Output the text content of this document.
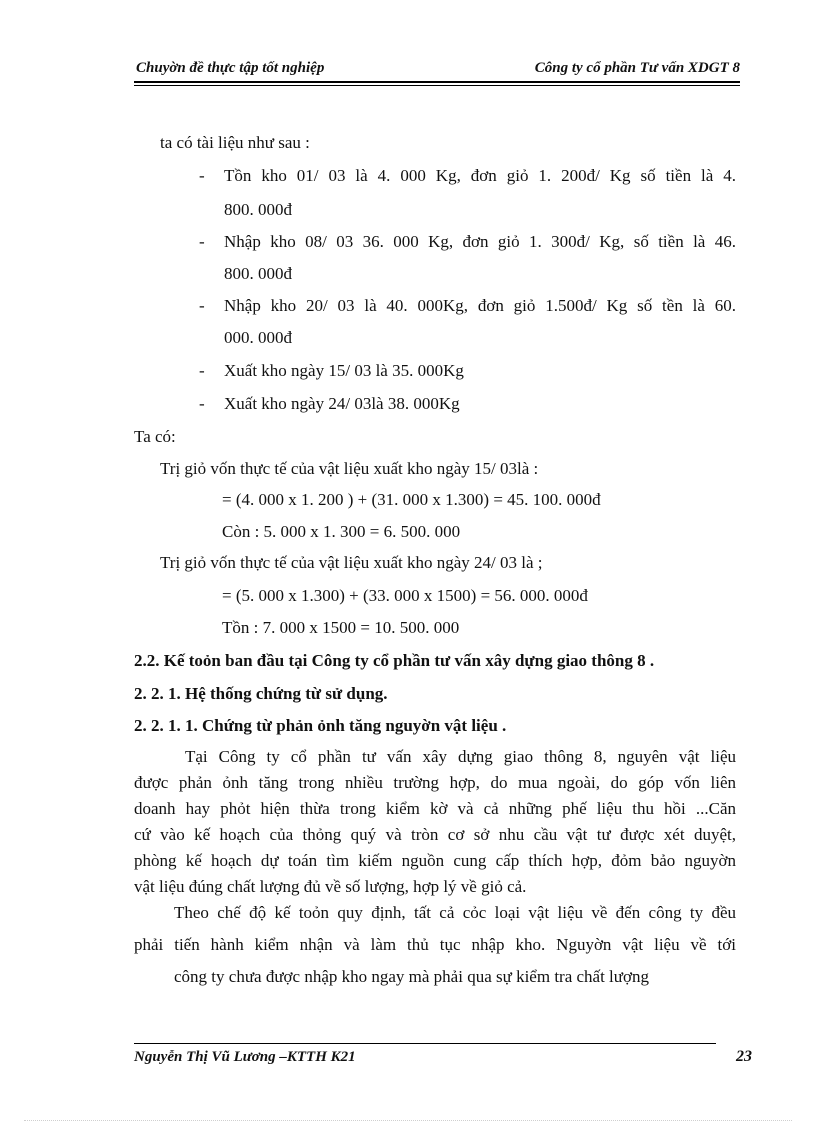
Chuyờn đề thực tập tốt nghiệp	Công ty cổ phần Tư vấn XDGT 8
ta có tài liệu như sau :
- Tồn kho 01/ 03 là 4. 000 Kg, đơn giỏ 1. 200đ/ Kg số tiền là 4.
800. 000đ
- Nhập kho 08/ 03 36. 000 Kg, đơn giỏ 1. 300đ/ Kg, số tiền là 46.
800. 000đ
- Nhập kho 20/ 03 là 40. 000Kg, đơn giỏ 1.500đ/ Kg số tền là 60.
000. 000đ
- Xuất kho ngày 15/ 03 là 35. 000Kg
- Xuất kho ngày 24/ 03là 38. 000Kg
Ta có:
Trị giỏ vốn thực tế của vật liệu xuất kho ngày 15/ 03là :
= (4. 000 x 1. 200 ) + (31. 000 x 1.300) = 45. 100. 000đ
Còn : 5. 000 x 1. 300 = 6. 500. 000
Trị giỏ vốn thực tế của vật liệu xuất kho ngày 24/ 03 là ;
= (5. 000 x 1.300) + (33. 000 x 1500) = 56. 000. 000đ
Tồn : 7. 000 x 1500 = 10. 500. 000
2.2. Kế toỏn ban đầu tại Công ty cổ phần tư vấn xây dựng giao thông 8 .
2. 2. 1. Hệ thống chứng từ sử dụng.
2. 2. 1. 1. Chứng từ phản ỏnh tăng nguyờn vật liệu .
Tại Công ty cổ phần tư vấn xây dựng giao thông 8, nguyên vật liệu
được phản ỏnh tăng trong nhiều trường hợp, do mua ngoài, do góp vốn liên
doanh hay phỏt hiện thừa trong kiểm kờ và cả những phế liệu thu hồi ...Căn
cứ vào kế hoạch của thỏng quý và tròn cơ sở nhu cầu vật tư được xét duyệt,
phòng kế hoạch dự toán tìm kiếm nguồn cung cấp thích hợp, đỏm bảo nguyờn
vật liệu đúng chất lượng đủ về số lượng, hợp lý về giỏ cả.
Theo chế độ kế toỏn quy định, tất cả cỏc loại vật liệu về đến công ty đều
phải tiến hành kiểm nhận và làm thủ tục nhập kho. Nguyờn vật liệu về tới
công ty chưa được nhập kho ngay mà phải qua sự kiểm tra chất lượng
Nguyễn Thị Vũ Lương –KTTH K21	23
